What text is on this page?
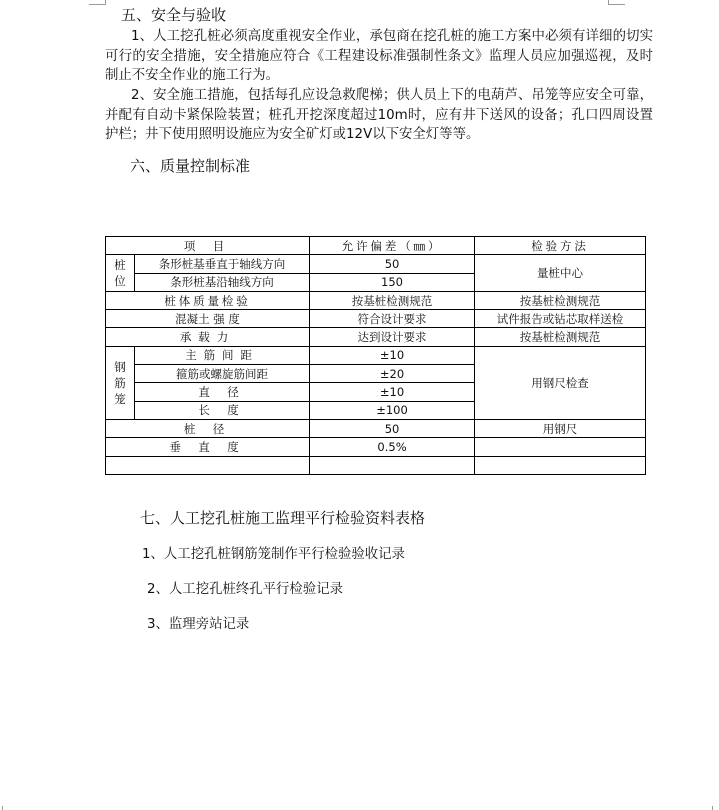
五、安全与验收
1、人工挖孔桩必须高度重视安全作业，承包商在挖孔桩的施工方案中必须有详细的切实可行的安全措施，安全措施应符合《工程建设标准强制性条文》监理人员应加强巡视，及时制止不安全作业的施工行为。
2、安全施工措施，包括每孔应设急救爬梯；供人员上下的电葫芦、吊笼等应安全可靠，并配有自动卡紧保险装置；桩孔开挖深度超过10m时，应有井下送风的设备；孔口四周设置护栏；井下使用照明设施应为安全矿灯或12V以下安全灯等等。
六、质量控制标准
项 目		允许偏差（㎜）	检验方法
桩位	条形桩基垂直于轴线方向	50	量桩中心
	条形桩基沿轴线方向	150	
桩体质量检验		按基桩检测规范	按基桩检测规范
混凝土 强 度		符合设计要求	试件报告或钻芯取样送检
承载力		达到设计要求	按基桩检测规范
钢筋笼	主筋间距	±10	用钢尺检查
	箍筋或螺旋筋间距	±20	
	直 径	±10	
	长 度	±100	
桩 径		50	用钢尺
垂 直 度		0.5%	

七、人工挖孔桩施工监理平行检验资料表格
1、人工挖孔桩钢筋笼制作平行检验验收记录
2、人工挖孔桩终孔平行检验记录
3、监理旁站记录
